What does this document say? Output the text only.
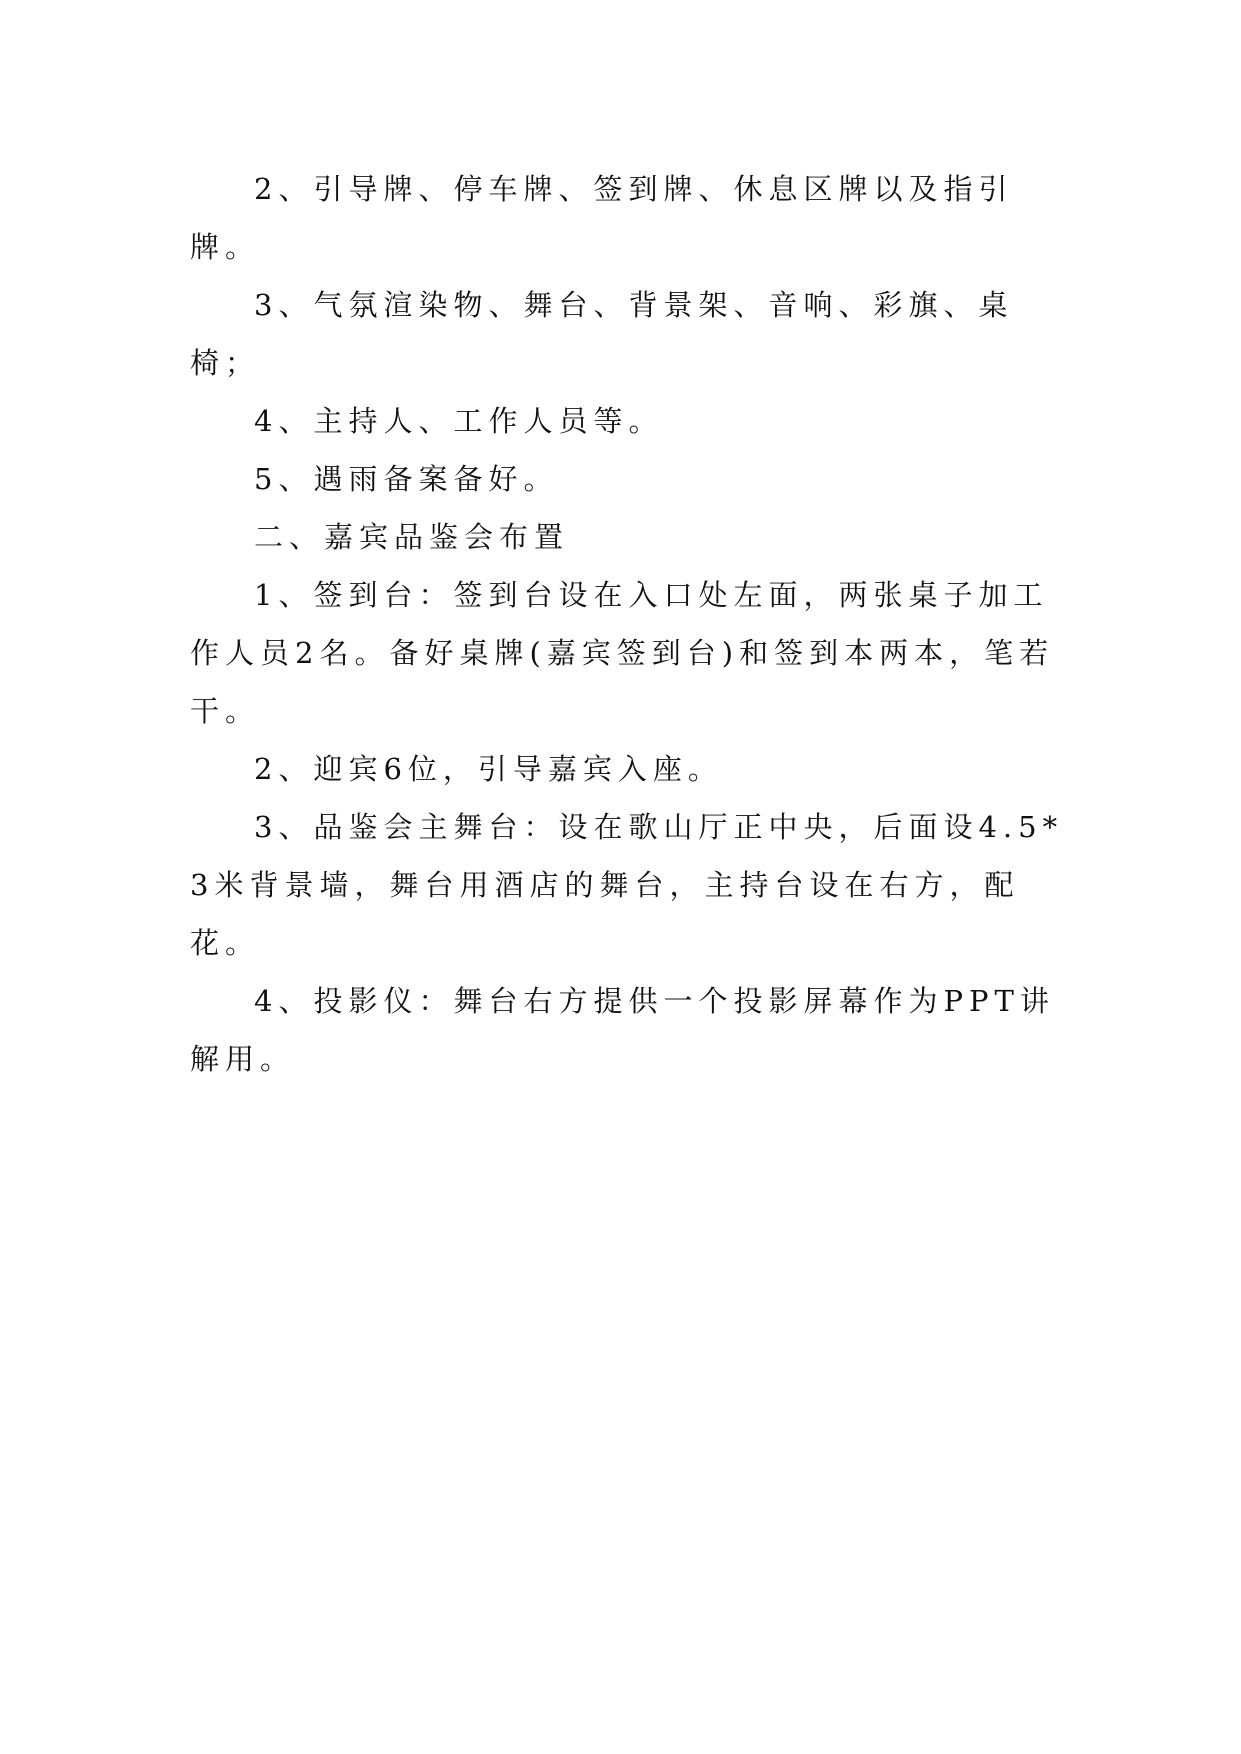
2、引导牌、停车牌、签到牌、休息区牌以及指引牌。

3、气氛渲染物、舞台、背景架、音响、彩旗、桌椅；

4、主持人、工作人员等。

5、遇雨备案备好。

二、嘉宾品鉴会布置

1、签到台：签到台设在入口处左面，两张桌子加工作人员2名。备好桌牌(嘉宾签到台)和签到本两本，笔若干。

2、迎宾6位，引导嘉宾入座。

3、品鉴会主舞台：设在歌山厅正中央，后面设4.5*3米背景墙，舞台用酒店的舞台，主持台设在右方，配花。

4、投影仪：舞台右方提供一个投影屏幕作为PPT讲解用。
